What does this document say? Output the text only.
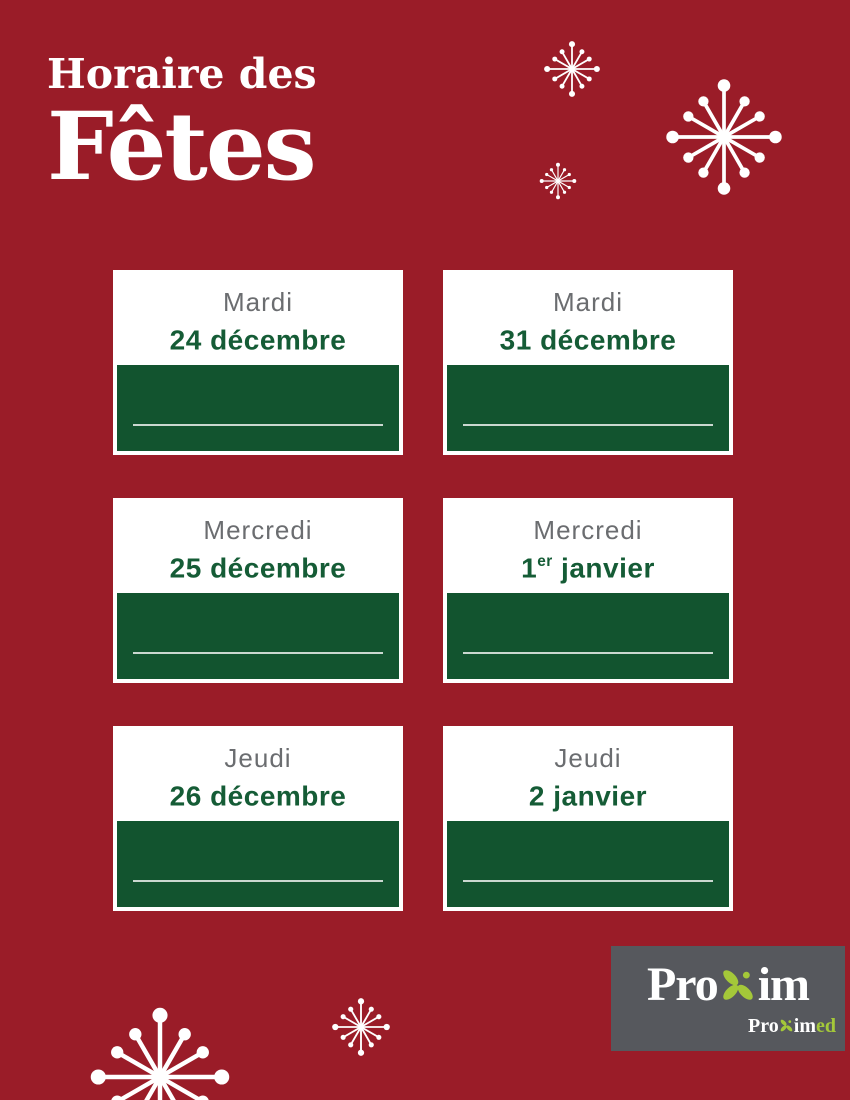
Horaire des
Fêtes
Mardi
24 décembre
Mardi
31 décembre
Mercredi
25 décembre
Mercredi
1er janvier
Jeudi
26 décembre
Jeudi
2 janvier
Pro im
Pro imed
